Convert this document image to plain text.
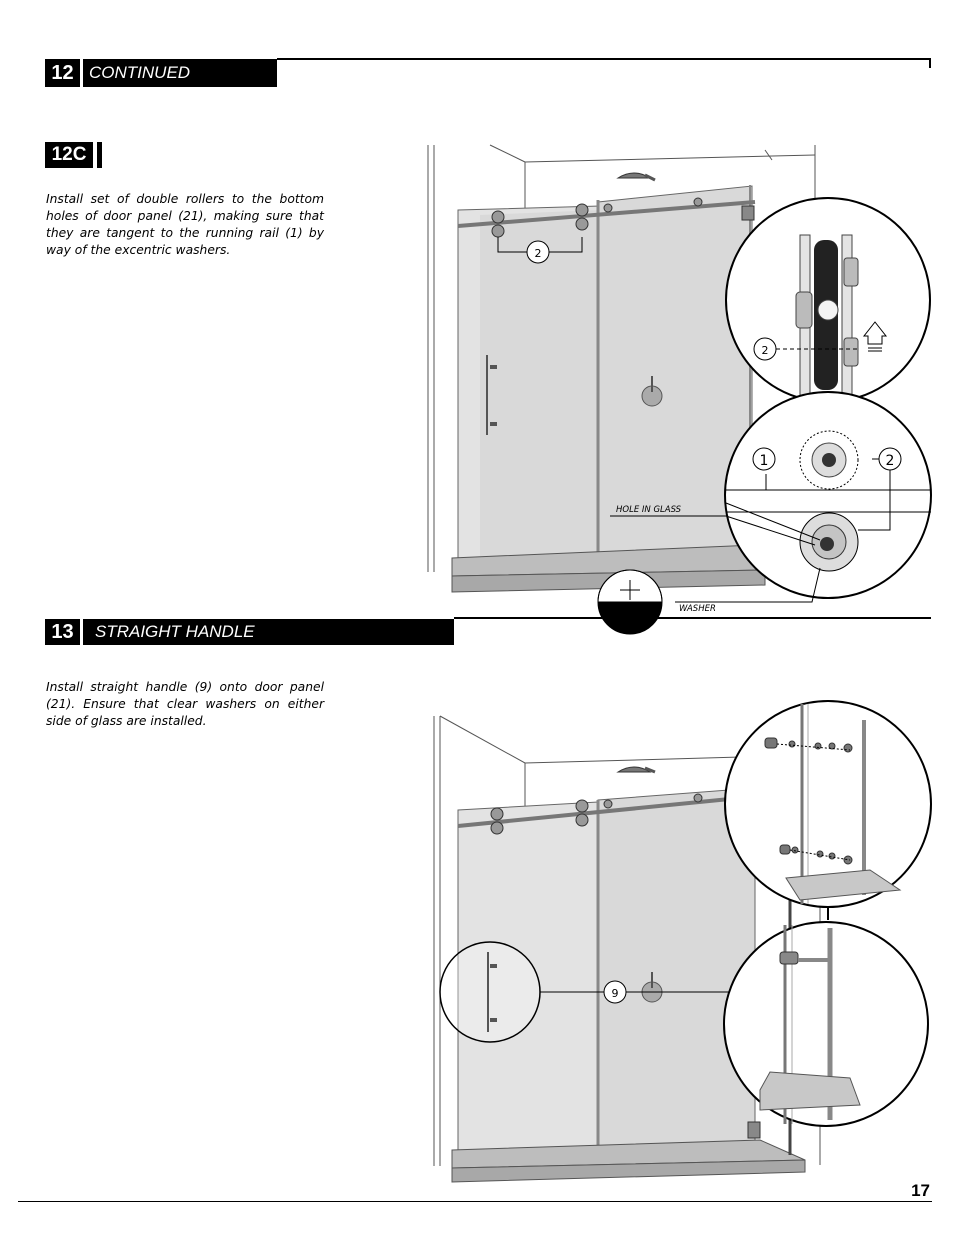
12 CONTINUED
12C
Install set of double rollers to the bottom holes of door panel (21), making sure that they are tangent to the running rail (1) by way of the excentric washers.	2
2
1	2
HOLE IN GLASS
WASHER
13	STRAIGHT HANDLE
Install straight handle (9) onto door panel (21). Ensure that clear washers on either side of glass are installed.
9
17
